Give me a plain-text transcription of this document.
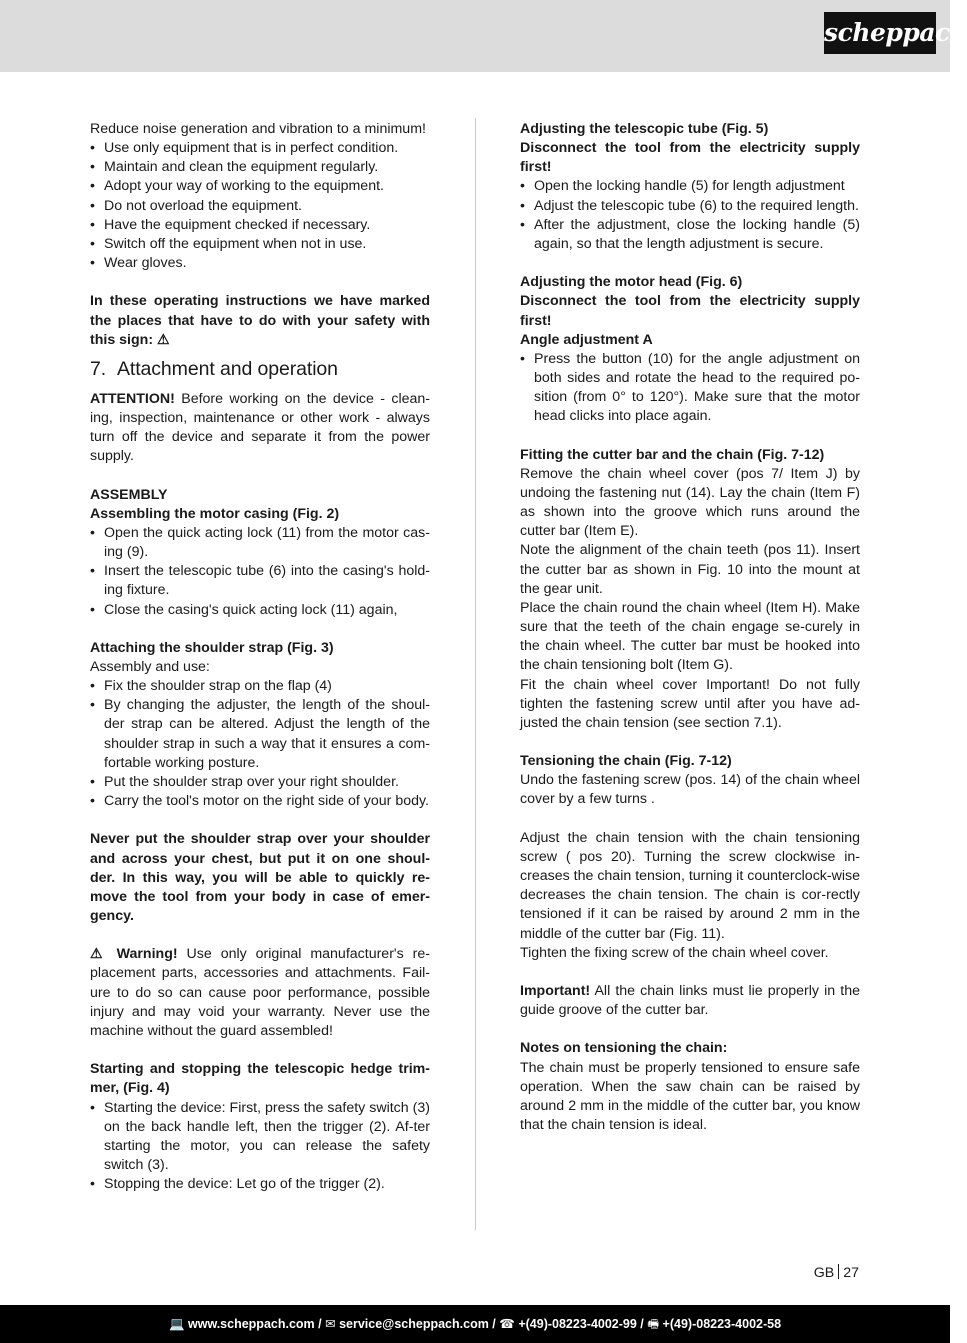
scheppach

Reduce noise generation and vibration to a minimum!

• Use only equipment that is in perfect condition.
• Maintain and clean the equipment regularly.
• Adopt your way of working to the equipment.
• Do not overload the equipment.
• Have the equipment checked if necessary.
• Switch off the equipment when not in use.
• Wear gloves.

In these operating instructions we have marked the places that have to do with your safety with this sign: ⚠

7. Attachment and operation

ATTENTION! Before working on the device - clean-ing, inspection, maintenance or other work - always turn off the device and separate it from the power supply.

ASSEMBLY

Assembling the motor casing (Fig. 2)

• Open the quick acting lock (11) from the motor cas-ing (9).
• Insert the telescopic tube (6) into the casing's hold-ing fixture.
• Close the casing's quick acting lock (11) again,

Attaching the shoulder strap (Fig. 3)

Assembly and use:

• Fix the shoulder strap on the flap (4)
• By changing the adjuster, the length of the shoul-der strap can be altered. Adjust the length of the shoulder strap in such a way that it ensures a com-fortable working posture.
• Put the shoulder strap over your right shoulder.
• Carry the tool's motor on the right side of your body.

Never put the shoulder strap over your shoulder and across your chest, but put it on one shoul-der. In this way, you will be able to quickly re-move the tool from your body in case of emer-gency.

⚠ Warning! Use only original manufacturer's re-placement parts, accessories and attachments. Fail-ure to do so can cause poor performance, possible injury and may void your warranty. Never use the machine without the guard assembled!

Starting and stopping the telescopic hedge trim-mer, (Fig. 4)

• Starting the device: First, press the safety switch (3) on the back handle left, then the trigger (2). Af-ter starting the motor, you can release the safety switch (3).
• Stopping the device: Let go of the trigger (2).

Adjusting the telescopic tube (Fig. 5)

Disconnect the tool from the electricity supply first!

• Open the locking handle (5) for length adjustment
• Adjust the telescopic tube (6) to the required length.
• After the adjustment, close the locking handle (5) again, so that the length adjustment is secure.

Adjusting the motor head (Fig. 6)

Disconnect the tool from the electricity supply first!

Angle adjustment A

• Press the button (10) for the angle adjustment on both sides and rotate the head to the required po-sition (from 0° to 120°). Make sure that the motor head clicks into place again.

Fitting the cutter bar and the chain (Fig. 7-12)

Remove the chain wheel cover (pos 7/ Item J) by undoing the fastening nut (14). Lay the chain (Item F) as shown into the groove which runs around the cutter bar (Item E).

Note the alignment of the chain teeth (pos 11). Insert the cutter bar as shown in Fig. 10 into the mount at the gear unit.

Place the chain round the chain wheel (Item H). Make sure that the teeth of the chain engage se-curely in the chain wheel. The cutter bar must be hooked into the chain tensioning bolt (Item G).

Fit the chain wheel cover Important! Do not fully tighten the fastening screw until after you have ad-justed the chain tension (see section 7.1).

Tensioning the chain (Fig. 7-12)

Undo the fastening screw (pos. 14) of the chain wheel cover by a few turns .

Adjust the chain tension with the chain tensioning screw ( pos 20). Turning the screw clockwise in-creases the chain tension, turning it counterclock-wise decreases the chain tension. The chain is cor-rectly tensioned if it can be raised by around 2 mm in the middle of the cutter bar (Fig. 11).

Tighten the fixing screw of the chain wheel cover.

Important! All the chain links must lie properly in the guide groove of the cutter bar.

Notes on tensioning the chain:

The chain must be properly tensioned to ensure safe operation. When the saw chain can be raised by around 2 mm in the middle of the cutter bar, you know that the chain tension is ideal.

GB 27
💻 www.scheppach.com / ✉ service@scheppach.com / ☎ +(49)-08223-4002-99 / 🖷 +(49)-08223-4002-58
